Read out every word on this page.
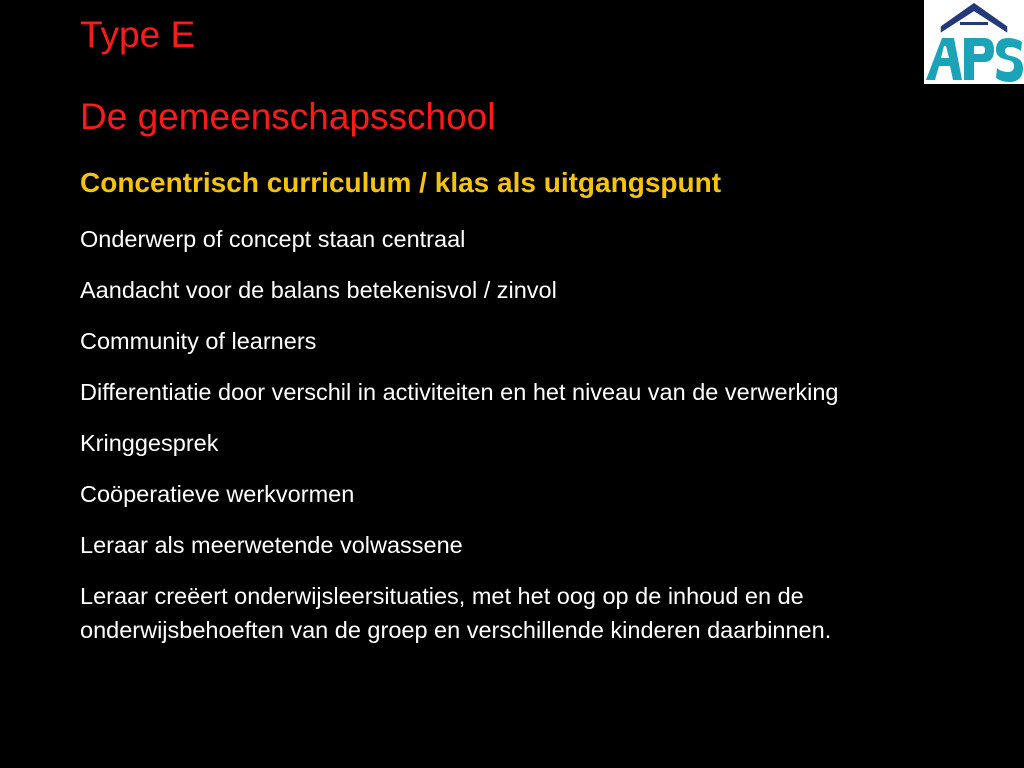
Type E
De gemeenschapsschool
Concentrisch curriculum / klas als uitgangspunt
Onderwerp of concept staan centraal
Aandacht voor de balans betekenisvol / zinvol
Community of learners
Differentiatie door verschil in activiteiten en het niveau van de verwerking
Kringgesprek
Coöperatieve werkvormen
Leraar als meerwetende volwassene
Leraar creëert onderwijsleersituaties, met het oog op de inhoud en de onderwijsbehoeften van de groep en verschillende kinderen daarbinnen.
